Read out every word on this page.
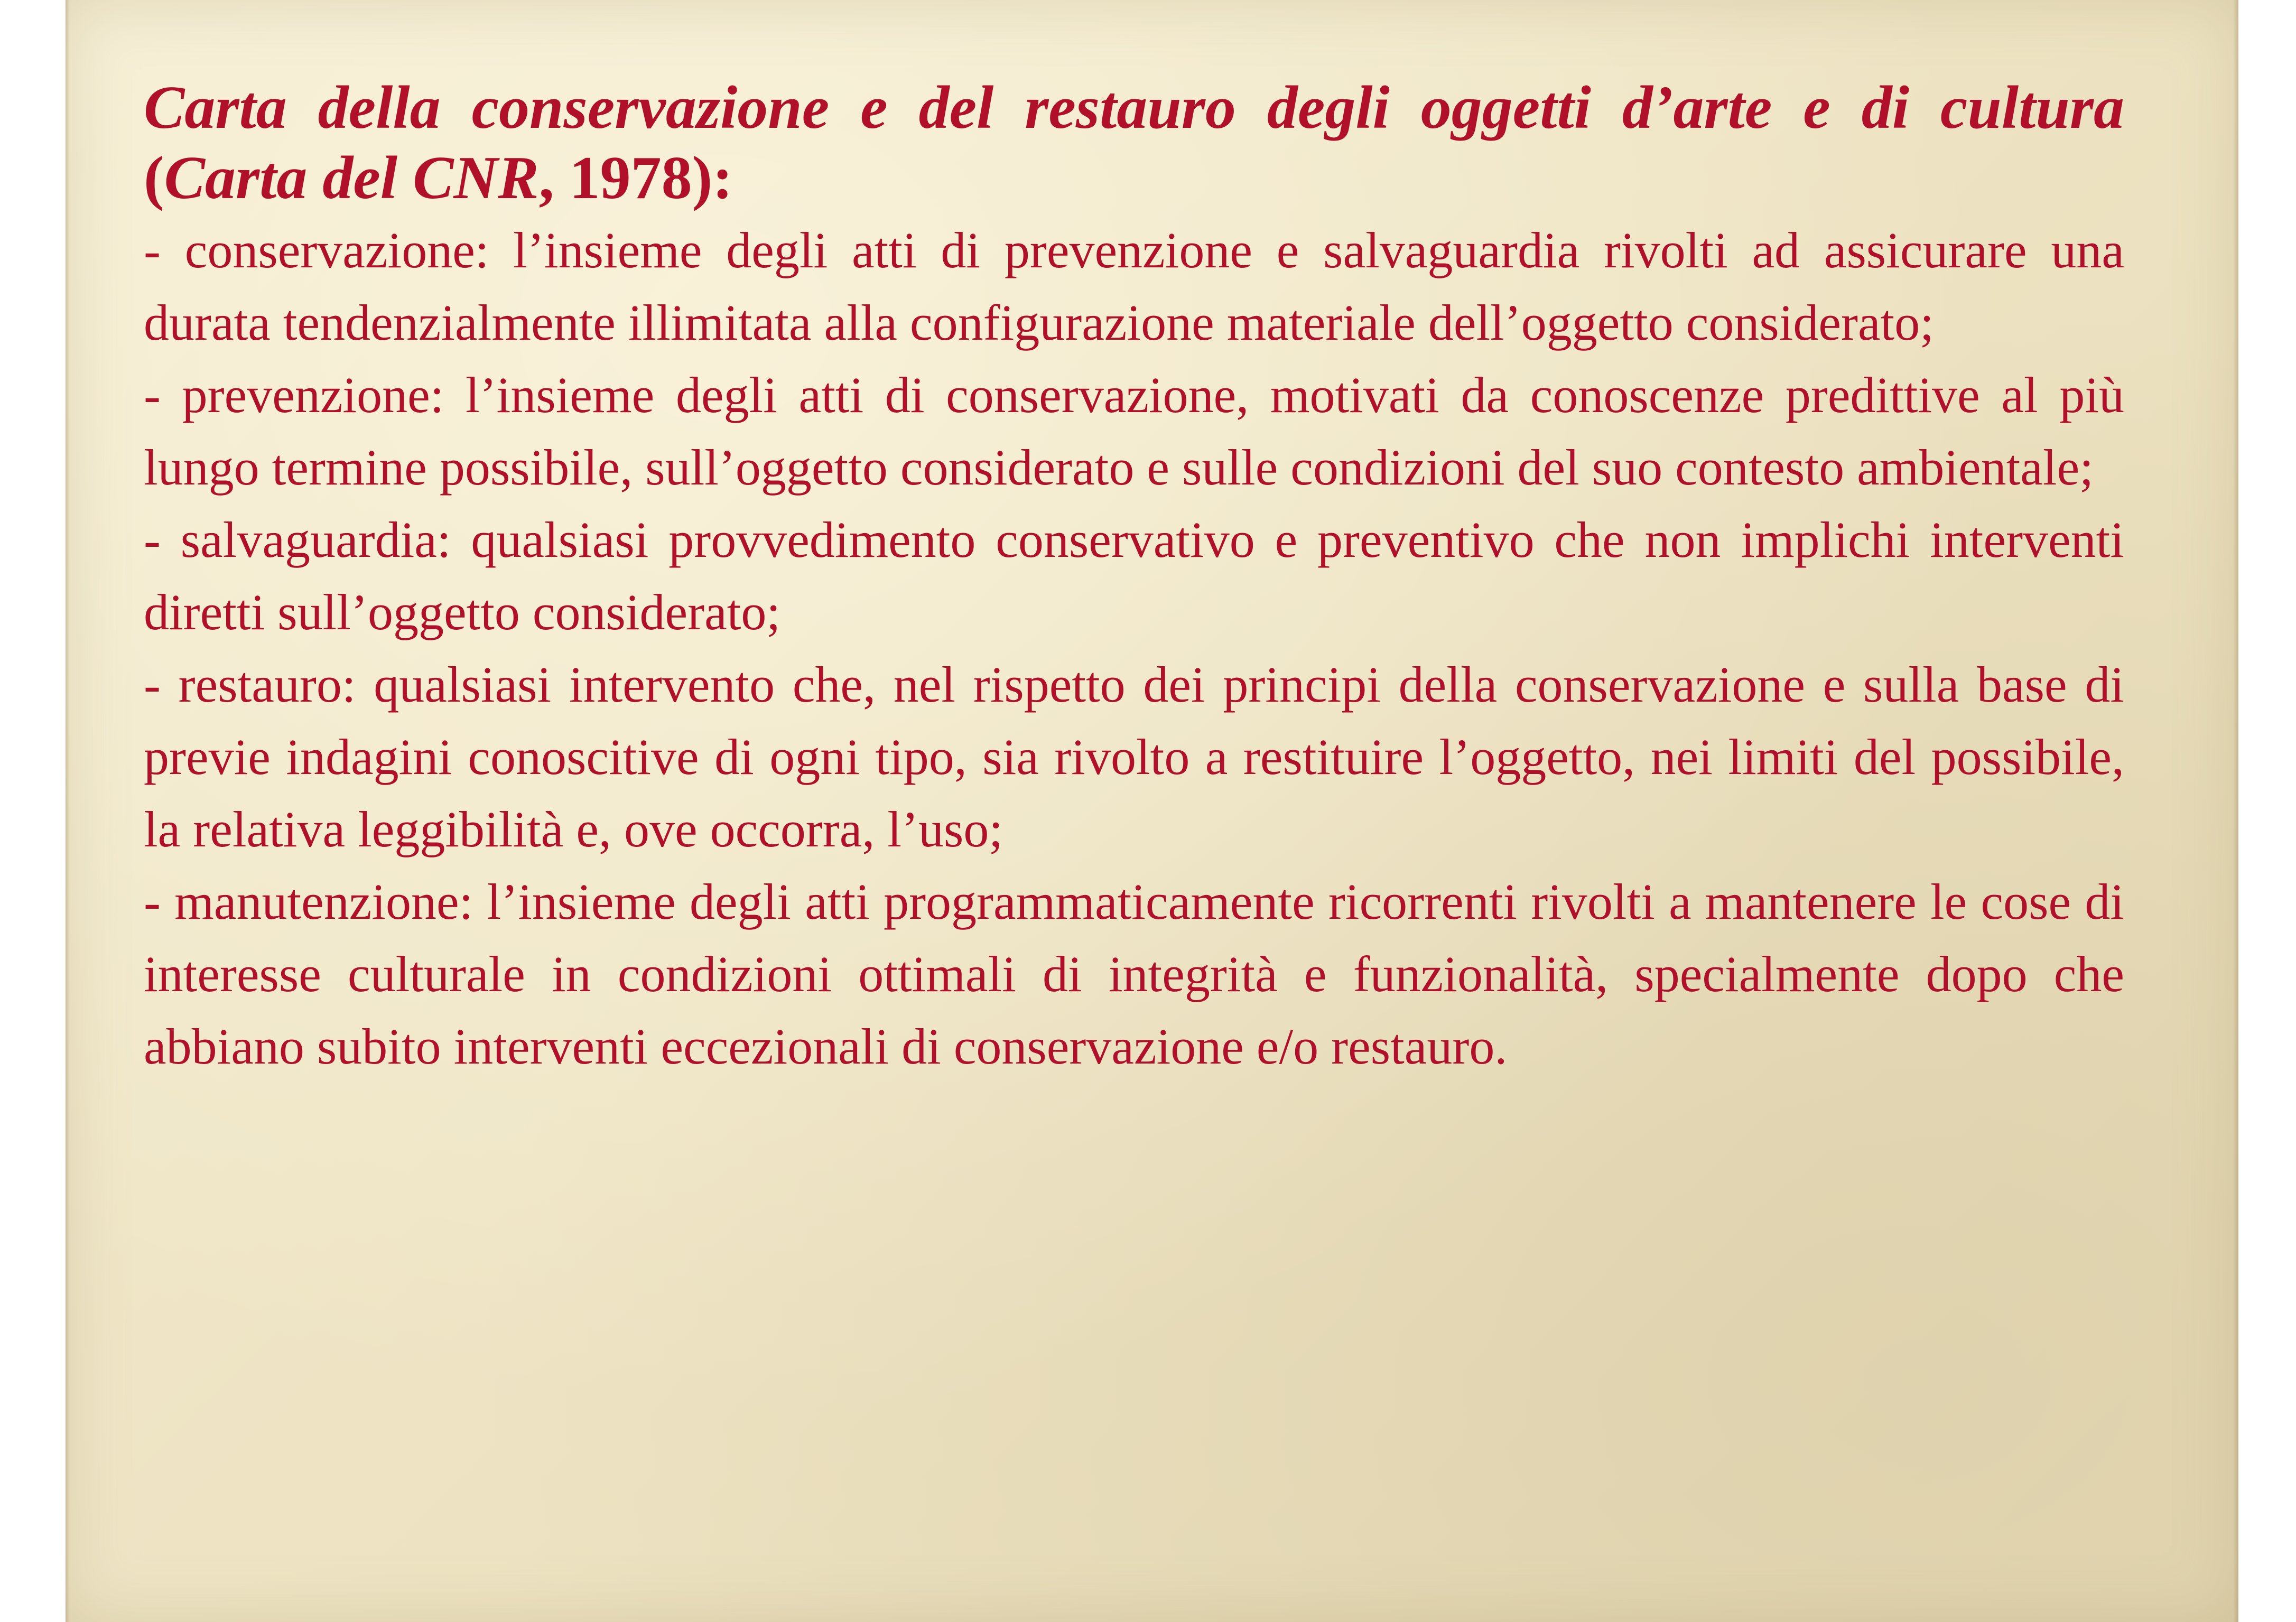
Carta della conservazione e del restauro degli oggetti d’arte e di cultura (Carta del CNR, 1978):
- conservazione: l’insieme degli atti di prevenzione e salvaguardia rivolti ad assicurare una durata tendenzialmente illimitata alla configurazione materiale dell’oggetto considerato;
- prevenzione: l’insieme degli atti di conservazione, motivati da conoscenze predittive al più lungo termine possibile, sull’oggetto considerato e sulle condizioni del suo contesto ambientale;
- salvaguardia: qualsiasi provvedimento conservativo e preventivo che non implichi interventi diretti sull’oggetto considerato;
- restauro: qualsiasi intervento che, nel rispetto dei principi della conservazione e sulla base di previe indagini conoscitive di ogni tipo, sia rivolto a restituire l’oggetto, nei limiti del possibile, la relativa leggibilità e, ove occorra, l’uso;
- manutenzione: l’insieme degli atti programmaticamente ricorrenti rivolti a mantenere le cose di interesse culturale in condizioni ottimali di integrità e funzionalità, specialmente dopo che abbiano subito interventi eccezionali di conservazione e/o restauro.
